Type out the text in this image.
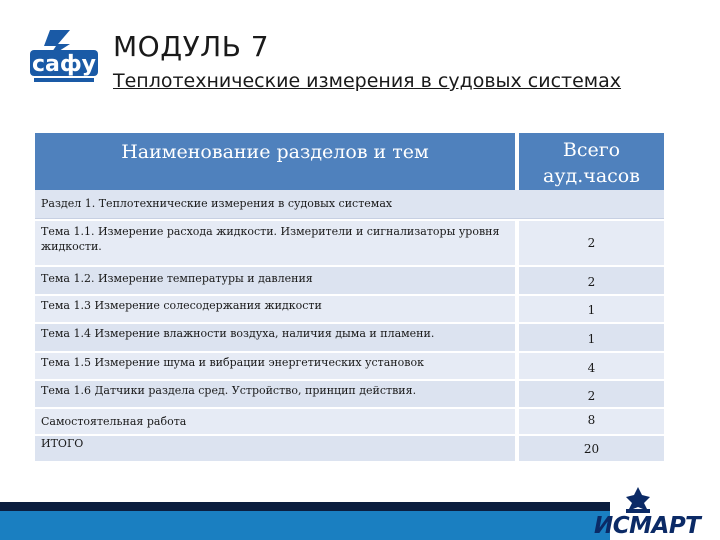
сафу
МОДУЛЬ 7
Теплотехнические измерения в судовых системах
Наименование разделов и тем	Всего
ауд.часов
Раздел 1. Теплотехнические измерения в судовых системах
Тема 1.1. Измерение расхода жидкости. Измерители и сигнализаторы уровня жидкости.	2
Тема 1.2. Измерение температуры и давления	2
Тема 1.3 Измерение солесодержания жидкости	1
Тема 1.4 Измерение влажности воздуха, наличия дыма и пламени.	1
Тема 1.5 Измерение шума и вибрации энергетических установок	4
Тема 1.6 Датчики раздела сред. Устройство, принцип действия.	2
Самостоятельная работа	8
ИТОГО	20
ИСМАРТ
